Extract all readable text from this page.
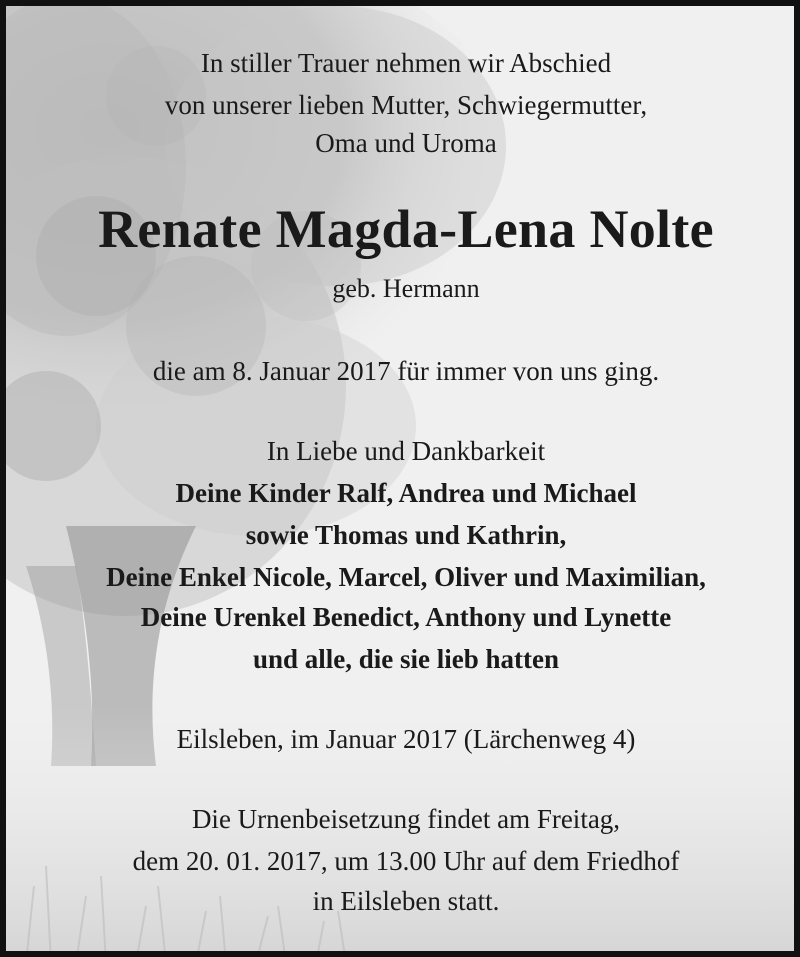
In stiller Trauer nehmen wir Abschied
von unserer lieben Mutter, Schwiegermutter,
Oma und Uroma
Renate Magda-Lena Nolte
geb. Hermann
die am 8. Januar 2017 für immer von uns ging.
In Liebe und Dankbarkeit
Deine Kinder Ralf, Andrea und Michael
sowie Thomas und Kathrin,
Deine Enkel Nicole, Marcel, Oliver und Maximilian,
Deine Urenkel Benedict, Anthony und Lynette
und alle, die sie lieb hatten
Eilsleben, im Januar 2017 (Lärchenweg 4)
Die Urnenbeisetzung findet am Freitag,
dem 20. 01. 2017, um 13.00 Uhr auf dem Friedhof
in Eilsleben statt.
